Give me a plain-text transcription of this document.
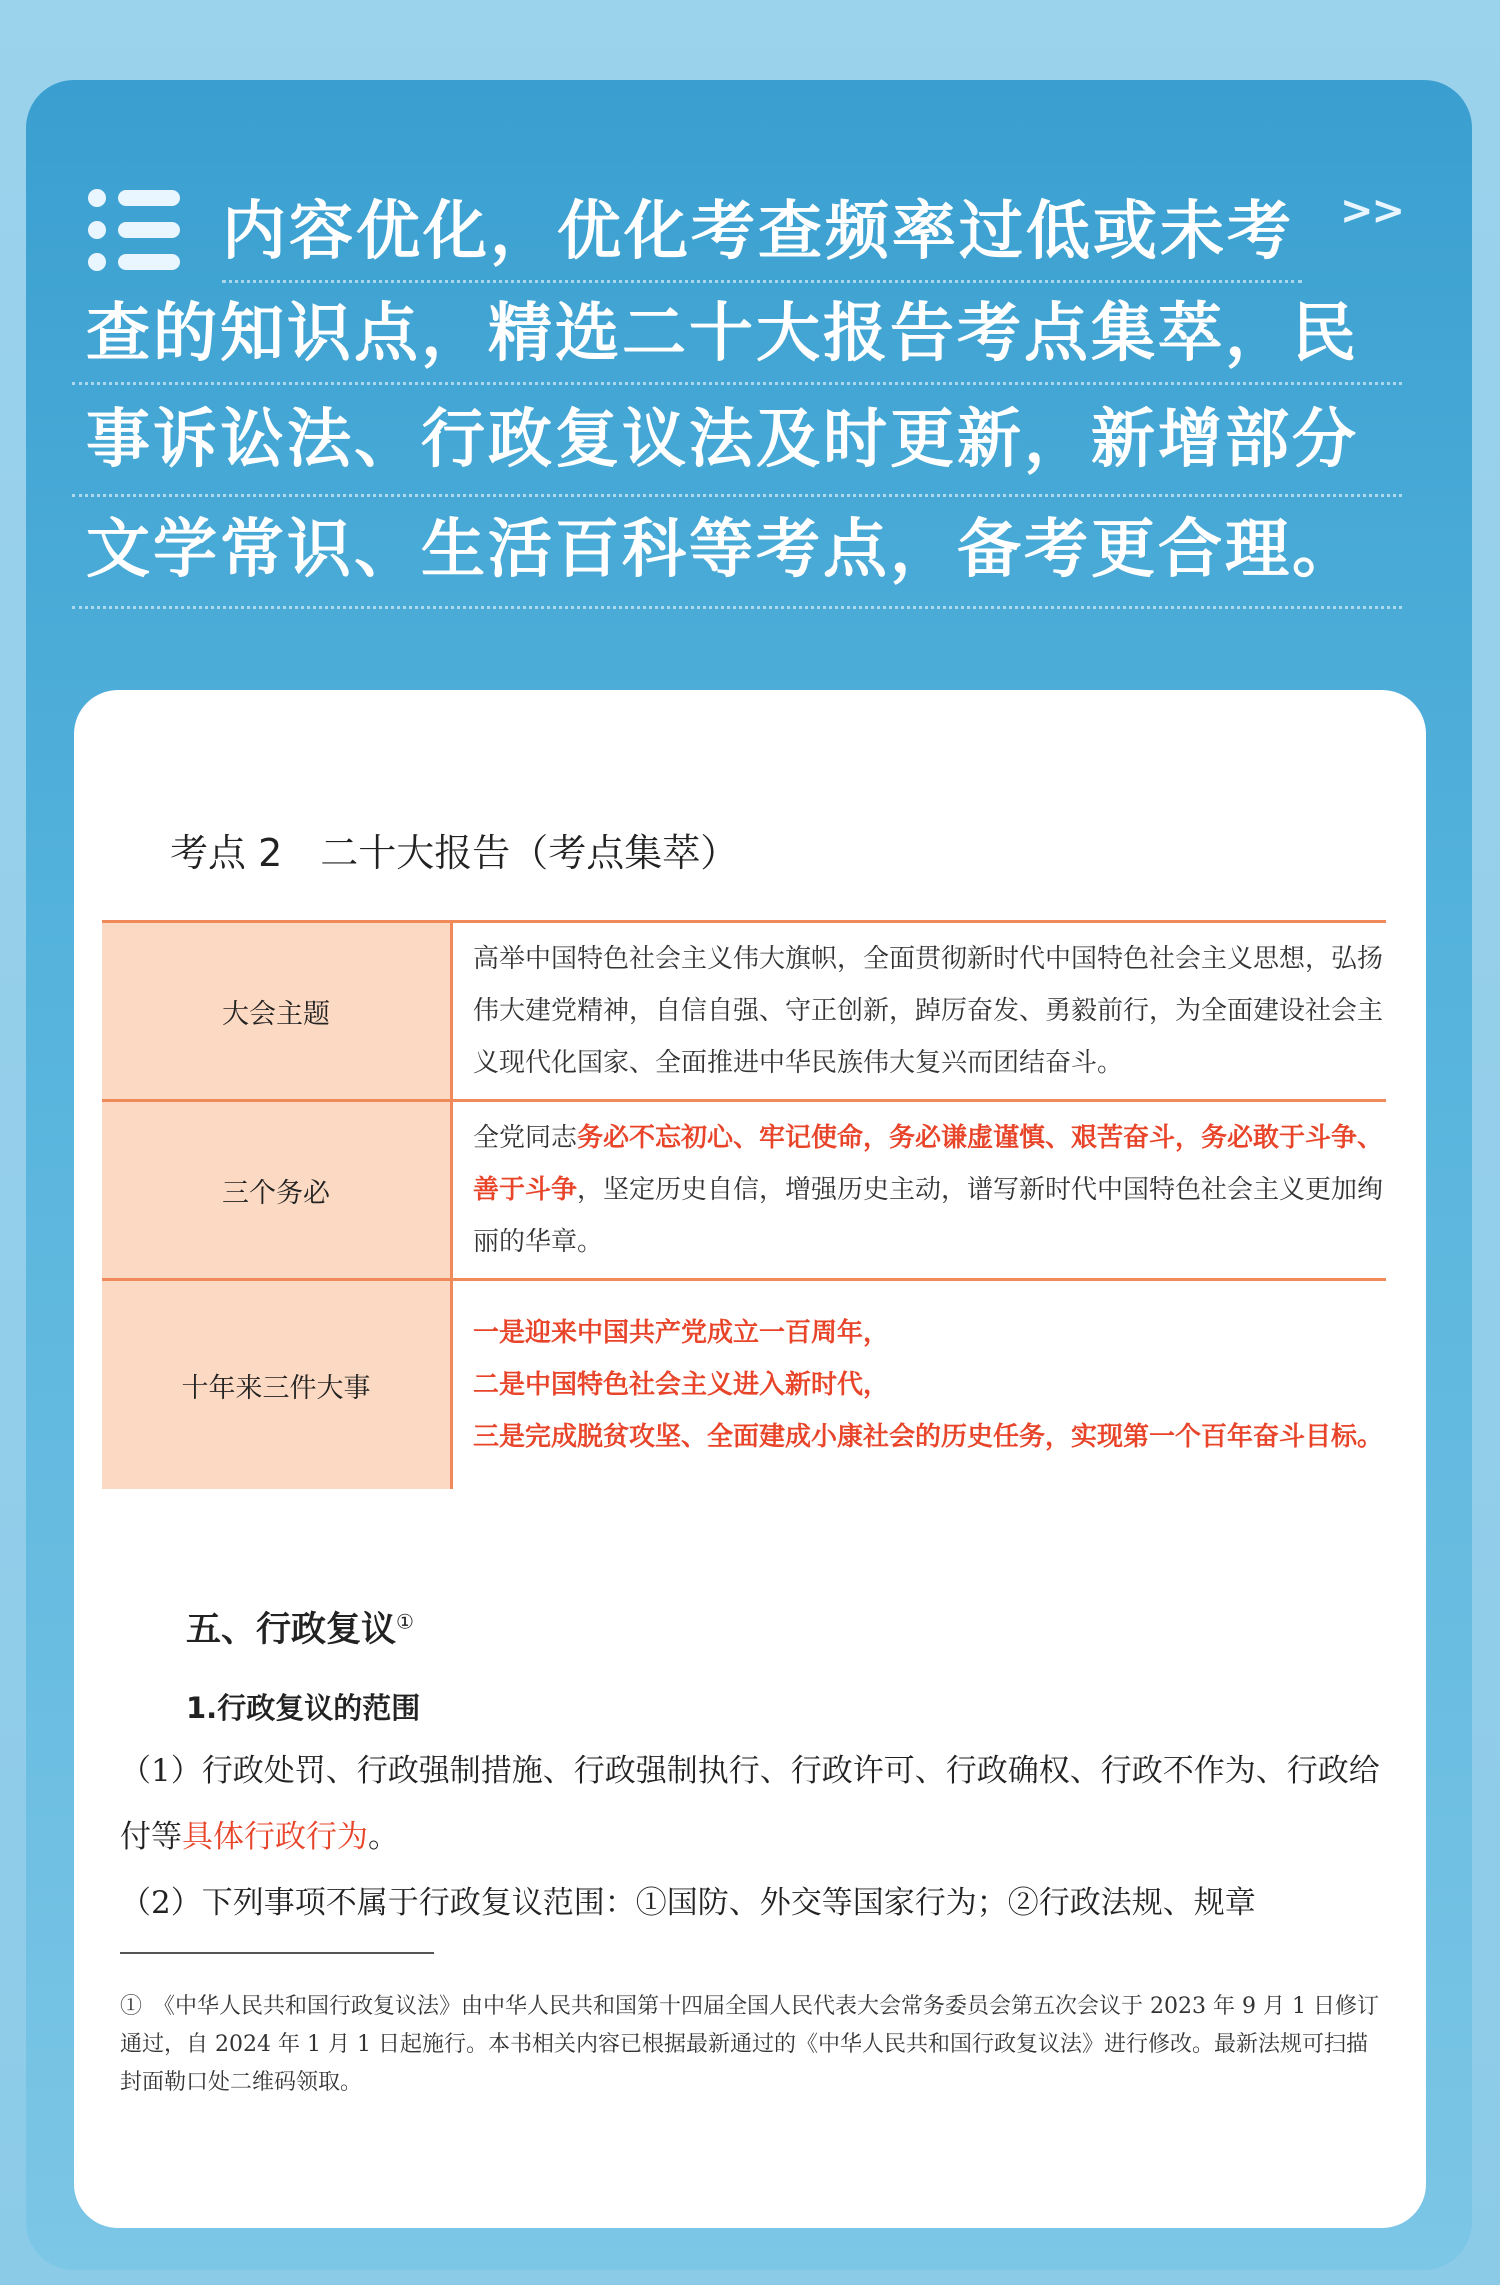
>>
内容优化，优化考查频率过低或未考
查的知识点，精选二十大报告考点集萃，民
事诉讼法、行政复议法及时更新，新增部分
文学常识、生活百科等考点，备考更合理。
考点 2　二十大报告（考点集萃）
大会主题	高举中国特色社会主义伟大旗帜，全面贯彻新时代中国特色社会主义思想，弘扬伟大建党精神，自信自强、守正创新，踔厉奋发、勇毅前行，为全面建设社会主义现代化国家、全面推进中华民族伟大复兴而团结奋斗。
三个务必	全党同志务必不忘初心、牢记使命，务必谦虚谨慎、艰苦奋斗，务必敢于斗争、善于斗争，坚定历史自信，增强历史主动，谱写新时代中国特色社会主义更加绚丽的华章。
十年来三件大事	一是迎来中国共产党成立一百周年，
二是中国特色社会主义进入新时代，
三是完成脱贫攻坚、全面建成小康社会的历史任务，实现第一个百年奋斗目标。
五、行政复议①
1.行政复议的范围
（1）行政处罚、行政强制措施、行政强制执行、行政许可、行政确权、行政不作为、行政给付等具体行政行为。
（2）下列事项不属于行政复议范围：①国防、外交等国家行为；②行政法规、规章
①　《中华人民共和国行政复议法》由中华人民共和国第十四届全国人民代表大会常务委员会第五次会议于 2023 年 9 月 1 日修订通过，自 2024 年 1 月 1 日起施行。本书相关内容已根据最新通过的《中华人民共和国行政复议法》进行修改。最新法规可扫描封面勒口处二维码领取。
